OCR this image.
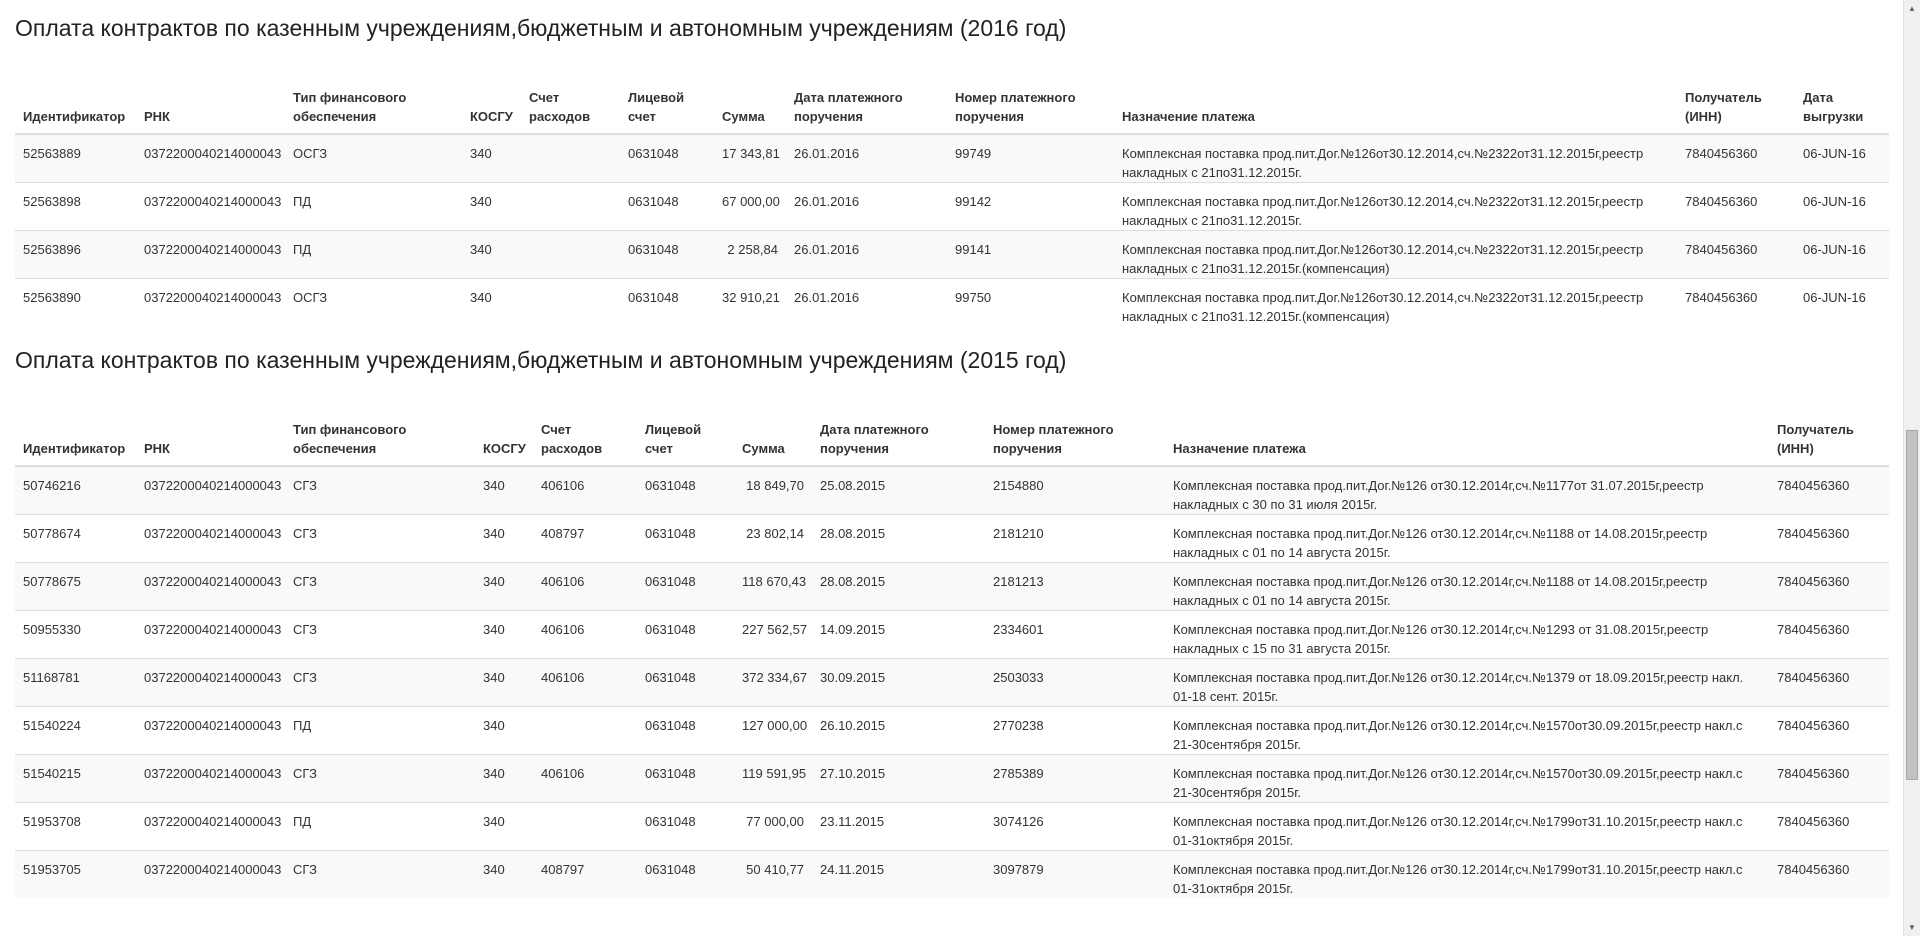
Оплата контрактов по казенным учреждениям,бюджетным и автономным учреждениям (2016 год)
Идентификатор	РНК	Тип финансового обеспечения	КОСГУ	Счет расходов	Лицевой счет	Сумма	Дата платежного поручения	Номер платежного поручения	Назначение платежа	Получатель (ИНН)	Дата выгрузки
52563889	0372200040214000043	ОСГЗ	340		0631048	17 343,81	26.01.2016	99749	Комплексная поставка прод.пит.Дог.№126от30.12.2014,сч.№2322от31.12.2015г,реестр накладных с 21по31.12.2015г.	7840456360	06-JUN-16
52563898	0372200040214000043	ПД	340		0631048	67 000,00	26.01.2016	99142	Комплексная поставка прод.пит.Дог.№126от30.12.2014,сч.№2322от31.12.2015г,реестр накладных с 21по31.12.2015г.	7840456360	06-JUN-16
52563896	0372200040214000043	ПД	340		0631048	2 258,84	26.01.2016	99141	Комплексная поставка прод.пит.Дог.№126от30.12.2014,сч.№2322от31.12.2015г,реестр накладных с 21по31.12.2015г.(компенсация)	7840456360	06-JUN-16
52563890	0372200040214000043	ОСГЗ	340		0631048	32 910,21	26.01.2016	99750	Комплексная поставка прод.пит.Дог.№126от30.12.2014,сч.№2322от31.12.2015г,реестр накладных с 21по31.12.2015г.(компенсация)	7840456360	06-JUN-16
Оплата контрактов по казенным учреждениям,бюджетным и автономным учреждениям (2015 год)
Идентификатор	РНК	Тип финансового обеспечения	КОСГУ	Счет расходов	Лицевой счет	Сумма	Дата платежного поручения	Номер платежного поручения	Назначение платежа	Получатель (ИНН)
50746216	0372200040214000043	СГЗ	340	406106	0631048	18 849,70	25.08.2015	2154880	Комплексная поставка прод.пит.Дог.№126 от30.12.2014г,сч.№1177от 31.07.2015г,реестр накладных с 30 по 31 июля 2015г.	7840456360
50778674	0372200040214000043	СГЗ	340	408797	0631048	23 802,14	28.08.2015	2181210	Комплексная поставка прод.пит.Дог.№126 от30.12.2014г,сч.№1188 от 14.08.2015г,реестр накладных с 01 по 14 августа 2015г.	7840456360
50778675	0372200040214000043	СГЗ	340	406106	0631048	118 670,43	28.08.2015	2181213	Комплексная поставка прод.пит.Дог.№126 от30.12.2014г,сч.№1188 от 14.08.2015г,реестр накладных с 01 по 14 августа 2015г.	7840456360
50955330	0372200040214000043	СГЗ	340	406106	0631048	227 562,57	14.09.2015	2334601	Комплексная поставка прод.пит.Дог.№126 от30.12.2014г,сч.№1293 от 31.08.2015г,реестр накладных с 15 по 31 августа 2015г.	7840456360
51168781	0372200040214000043	СГЗ	340	406106	0631048	372 334,67	30.09.2015	2503033	Комплексная поставка прод.пит.Дог.№126 от30.12.2014г,сч.№1379 от 18.09.2015г,реестр накл. 01-18 сент. 2015г.	7840456360
51540224	0372200040214000043	ПД	340		0631048	127 000,00	26.10.2015	2770238	Комплексная поставка прод.пит.Дог.№126 от30.12.2014г,сч.№1570от30.09.2015г,реестр накл.с 21-30сентября 2015г.	7840456360
51540215	0372200040214000043	СГЗ	340	406106	0631048	119 591,95	27.10.2015	2785389	Комплексная поставка прод.пит.Дог.№126 от30.12.2014г,сч.№1570от30.09.2015г,реестр накл.с 21-30сентября 2015г.	7840456360
51953708	0372200040214000043	ПД	340		0631048	77 000,00	23.11.2015	3074126	Комплексная поставка прод.пит.Дог.№126 от30.12.2014г,сч.№1799от31.10.2015г,реестр накл.с 01-31октября 2015г.	7840456360
51953705	0372200040214000043	СГЗ	340	408797	0631048	50 410,77	24.11.2015	3097879	Комплексная поставка прод.пит.Дог.№126 от30.12.2014г,сч.№1799от31.10.2015г,реестр накл.с 01-31октября 2015г.	7840456360
▲
▼
